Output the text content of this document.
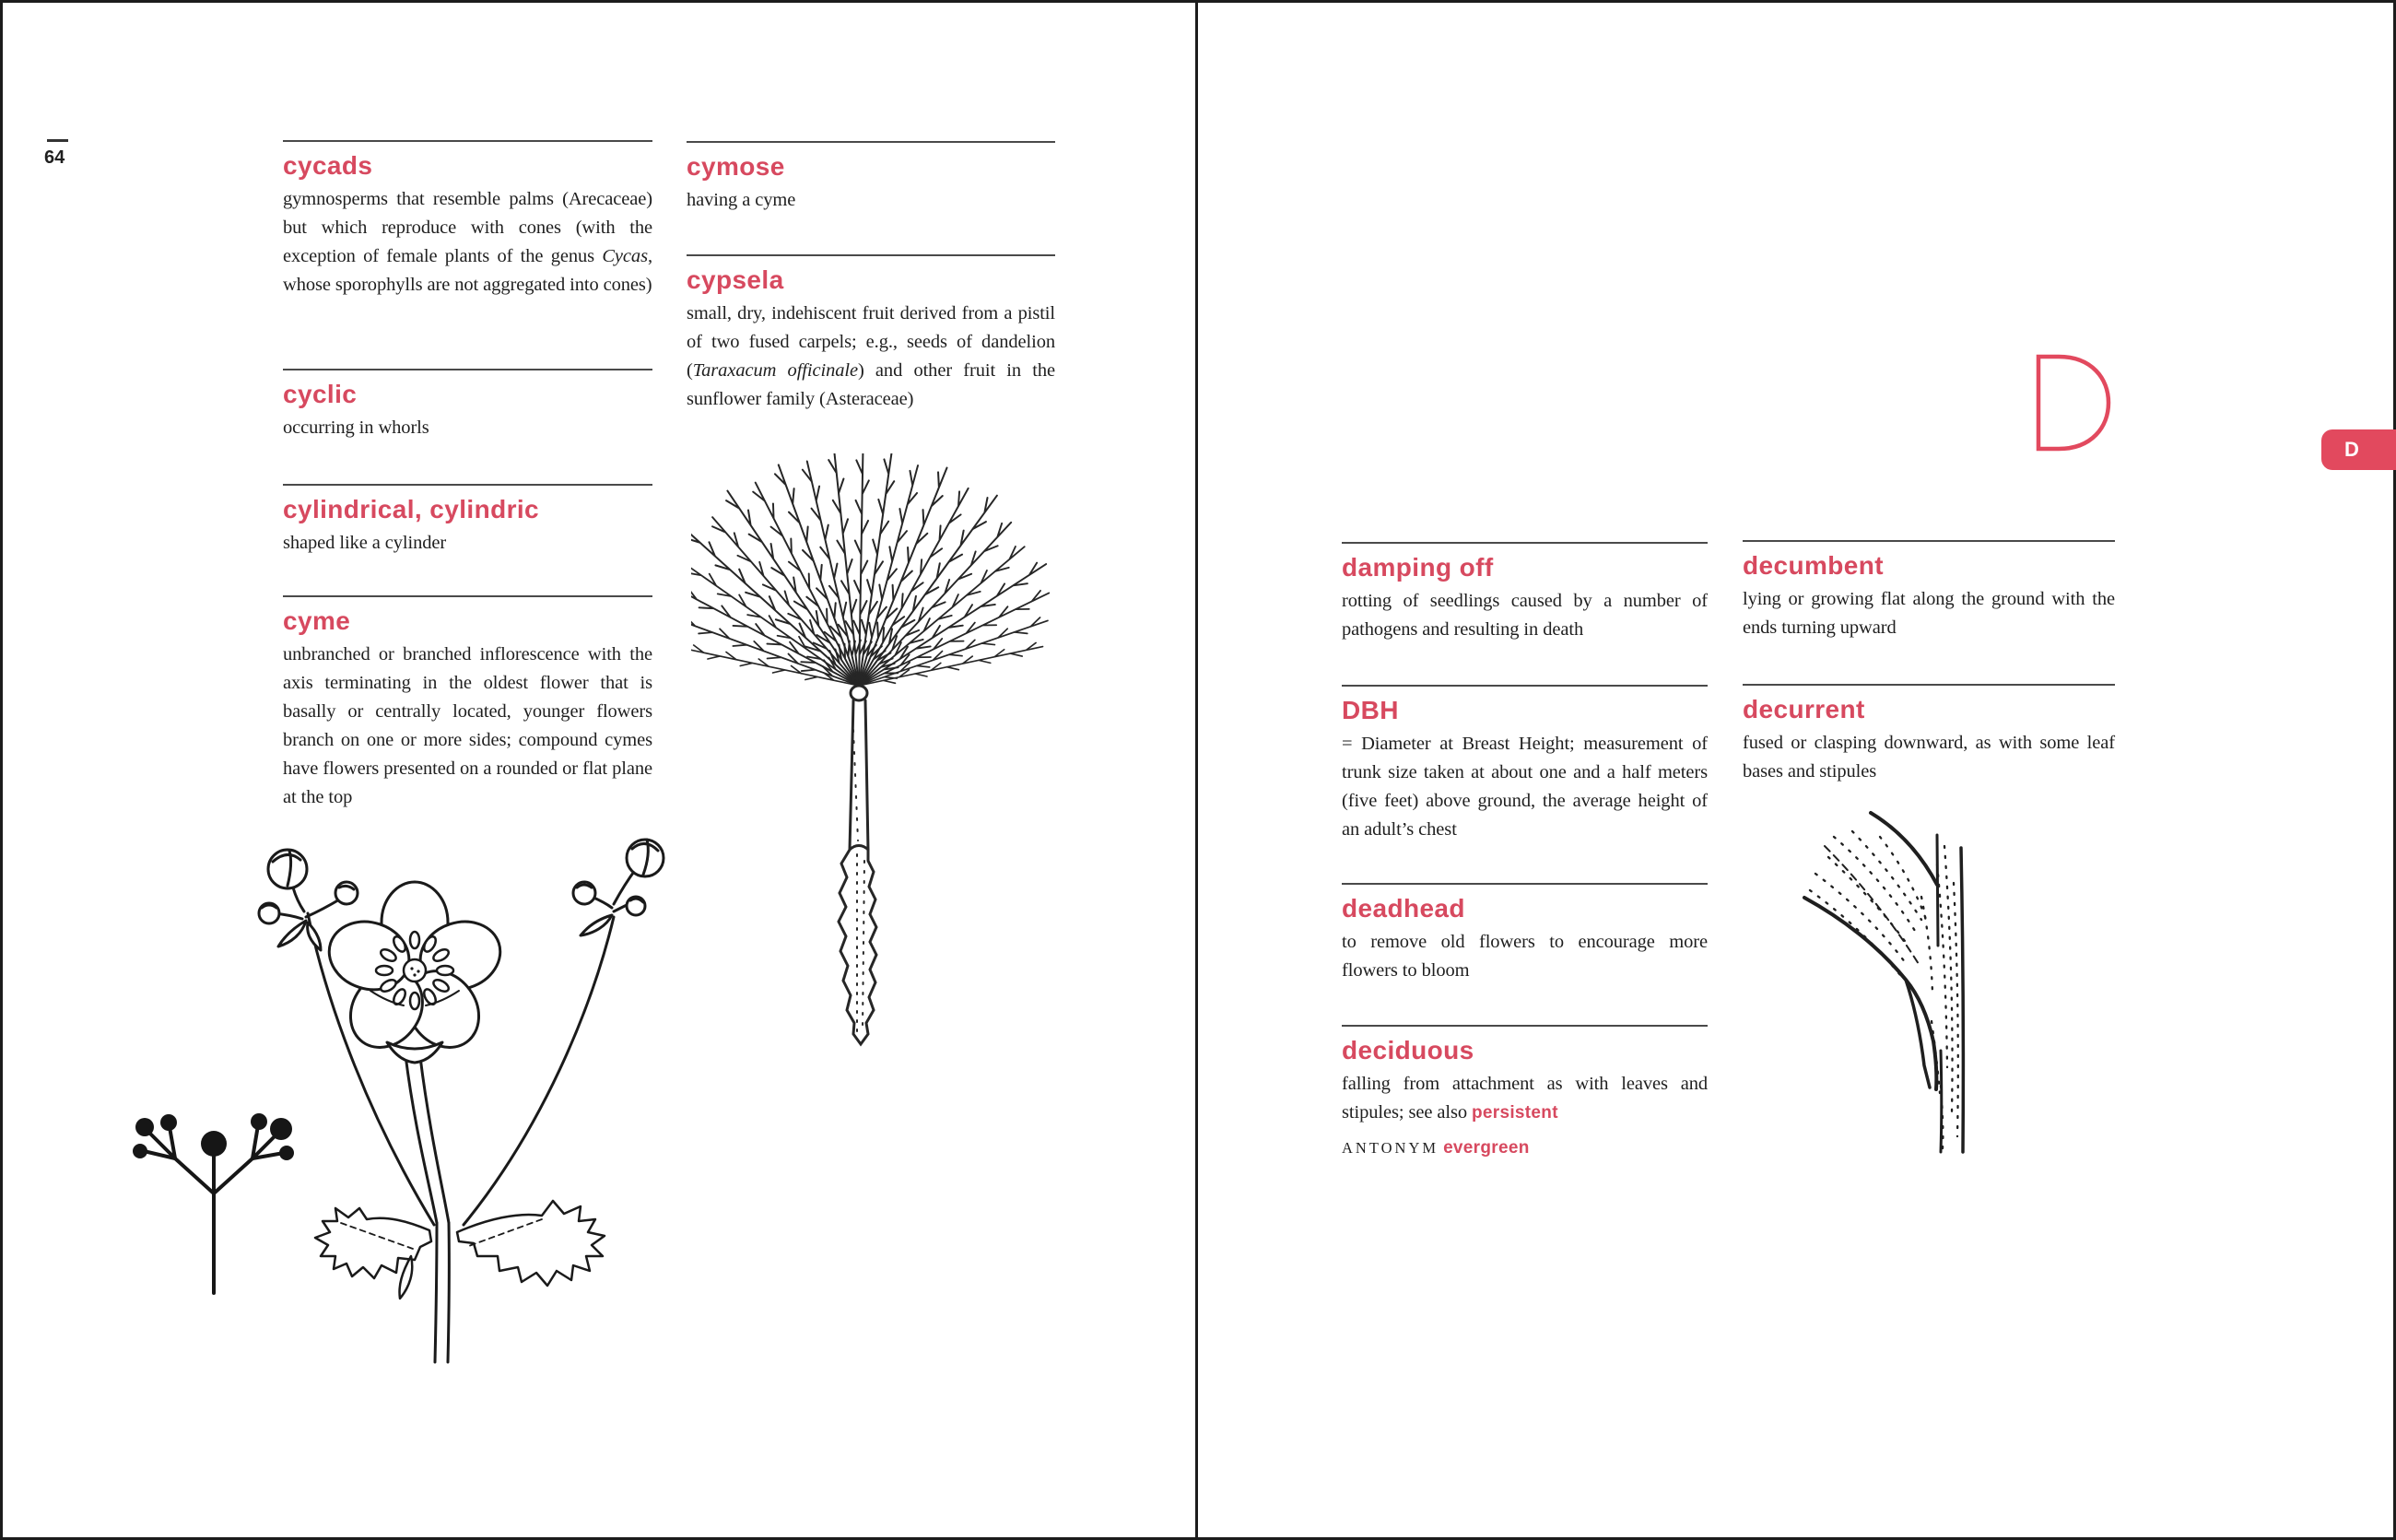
64	cycads
gymnosperms that resemble palms (Arecaceae) but which reproduce with cones (with the exception of female plants of the genus Cycas, whose sporophylls are not aggregated into cones)
cyclic
occurring in whorls
cylindrical, cylindric
shaped like a cylinder
cyme
unbranched or branched inflorescence with the axis terminating in the oldest flower that is basally or centrally located, younger flowers branch on one or more sides; compound cymes have flowers presented on a rounded or flat plane at the top
cymose
having a cyme
cypsela
small, dry, indehiscent fruit derived from a pistil of two fused carpels; e.g., seeds of dandelion (Taraxacum officinale) and other fruit in the sunflower family (Asteraceae)
D
damping off
rotting of seedlings caused by a number of pathogens and resulting in death
DBH
= Diameter at Breast Height; measurement of trunk size taken at about one and a half meters (five feet) above ground, the average height of an adult’s chest
deadhead
to remove old flowers to encourage more flowers to bloom
deciduous
falling from attachment as with leaves and stipules; see also persistent
ANTONYM evergreen
decumbent
lying or growing flat along the ground with the ends turning upward
decurrent
fused or clasping downward, as with some leaf bases and stipules
